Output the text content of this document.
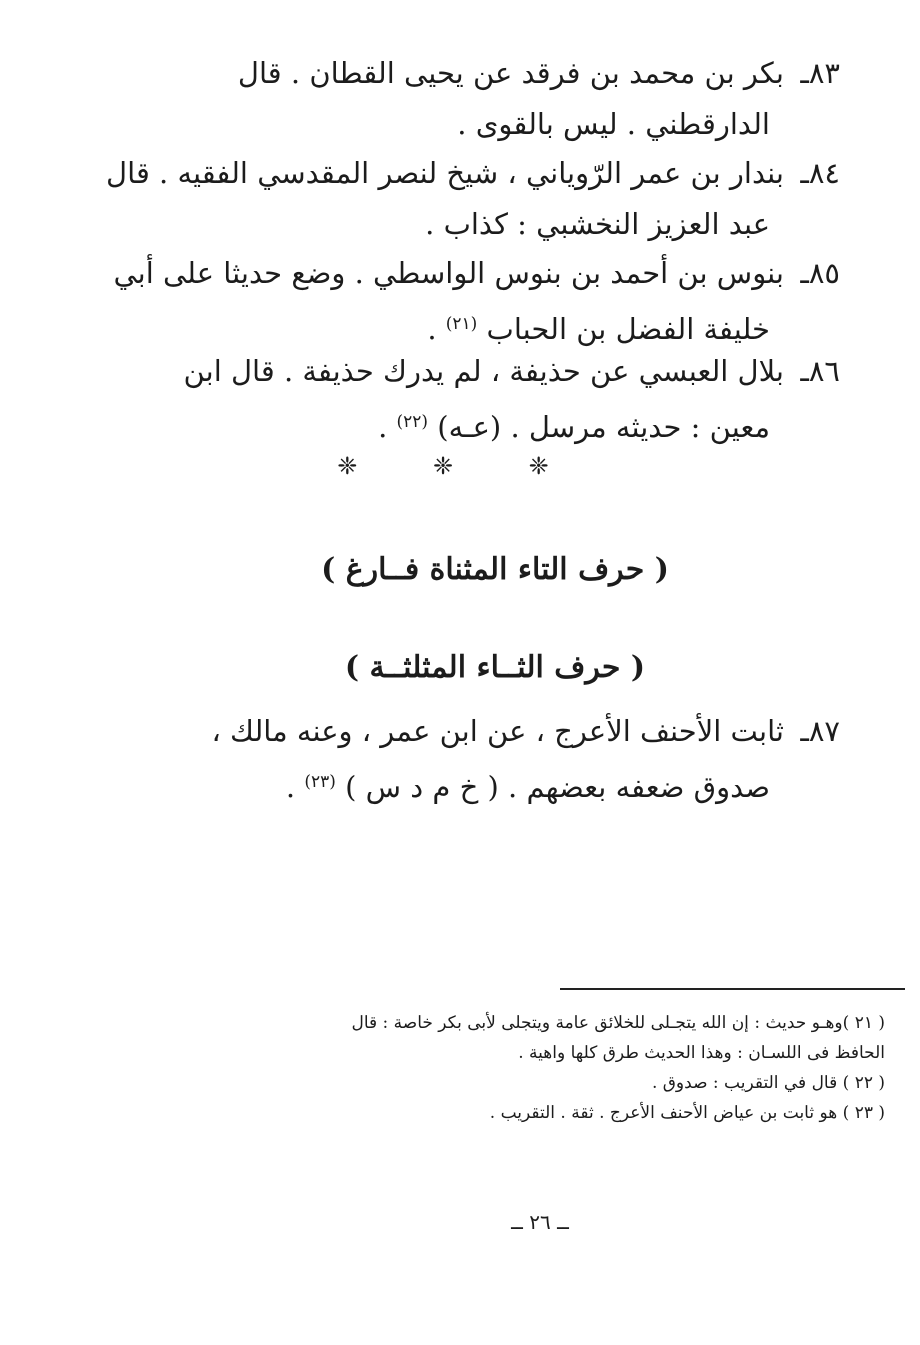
٨٣ـبكر بن محمد بن فرقد عن يحيى القطان . قال
الدارقطني . ليس بالقوى .
٨٤ـبندار بن عمر الرّوياني ، شيخ لنصر المقدسي الفقيه . قال
عبد العزيز النخشبي : كذاب .
٨٥ـبنوس بن أحمد بن بنوس الواسطي . وضع حديثا على أبي
خليفة الفضل بن الحباب $^{(٢١)}$ .
٨٦ـبلال العبسي عن حذيفة ، لم يدرك حذيفة . قال ابن
معين : حديثه مرسل . (عـه) $^{(٢٢)}$ .
❈ ❈ ❈
( حرف التاء المثناة فــارغ )
( حرف الثــاء المثلثــة )
٨٧ـثابت الأحنف الأعرج ، عن ابن عمر ، وعنه مالك ،
صدوق ضعفه بعضهم . ( خ م د س ) $^{(٢٣)}$ .
( ٢١ )وهـو حديث : إن الله يتجـلى للخلائق عامة ويتجلى لأبى بكر خاصة : قال
الحافظ فى اللسـان : وهذا الحديث طرق كلها واهية .
( ٢٢ ) قال في التقريب : صدوق .
( ٢٣ ) هو ثابت بن عياض الأحنف الأعرج . ثقة . التقريب .
ــ ٢٦ ــ
